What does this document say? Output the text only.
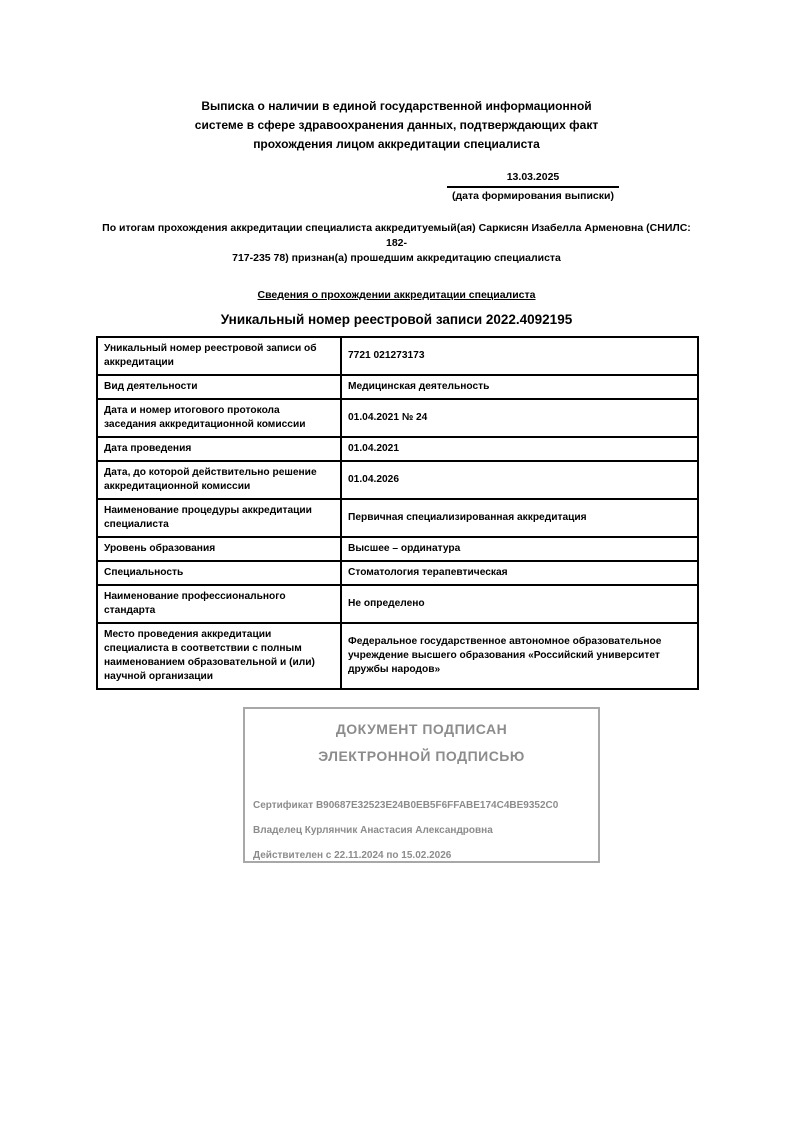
Выписка о наличии в единой государственной информационной
системе в сфере здравоохранения данных, подтверждающих факт
прохождения лицом аккредитации специалиста
13.03.2025
(дата формирования выписки)
По итогам прохождения аккредитации специалиста аккредитуемый(ая) Саркисян Изабелла Арменовна (СНИЛС: 182-
717-235 78) признан(а) прошедшим аккредитацию специалиста
Сведения о прохождении аккредитации специалиста
Уникальный номер реестровой записи 2022.4092195
Уникальный номер реестровой записи об аккредитации	7721 021273173
Вид деятельности	Медицинская деятельность
Дата и номер итогового протокола заседания аккредитационной комиссии	01.04.2021 № 24
Дата проведения	01.04.2021
Дата, до которой действительно решение аккредитационной комиссии	01.04.2026
Наименование процедуры аккредитации специалиста	Первичная специализированная аккредитация
Уровень образования	Высшее – ординатура
Специальность	Стоматология терапевтическая
Наименование профессионального стандарта	Не определено
Место проведения аккредитации специалиста в соответствии с полным наименованием образовательной и (или) научной организации	Федеральное государственное автономное образовательное учреждение высшего образования «Российский университет дружбы народов»
ДОКУМЕНТ ПОДПИСАН
ЭЛЕКТРОННОЙ ПОДПИСЬЮ
Сертификат B90687E32523E24B0EB5F6FFABE174C4BE9352C0
Владелец Курлянчик Анастасия Александровна
Действителен с 22.11.2024 по 15.02.2026
